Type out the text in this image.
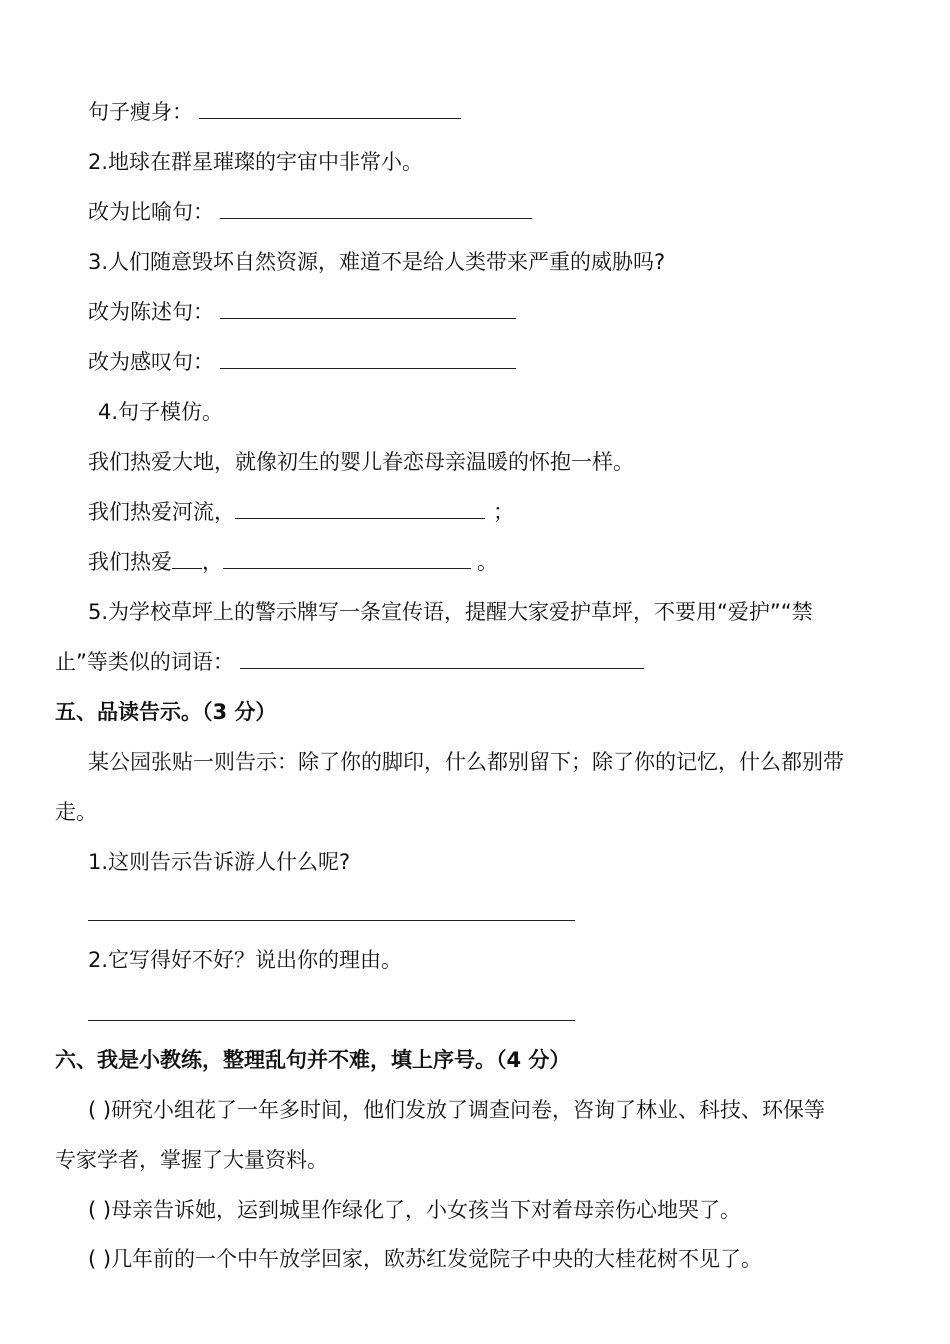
句子瘦身：
2.地球在群星璀璨的宇宙中非常小。
改为比喻句：
3.人们随意毁坏自然资源，难道不是给人类带来严重的威胁吗?
改为陈述句：
改为感叹句：
4.句子模仿。
我们热爱大地，就像初生的婴儿眷恋母亲温暖的怀抱一样。
我们热爱河流，	；
我们热爱 ，	。
5.为学校草坪上的警示牌写一条宣传语，提醒大家爱护草坪，不要用“爱护”“禁
止”等类似的词语：
五、品读告示。（3 分）
某公园张贴一则告示：除了你的脚印，什么都别留下；除了你的记忆，什么都别带
走。
1.这则告示告诉游人什么呢?
2.它写得好不好？说出你的理由。
六、我是小教练，整理乱句并不难，填上序号。（4 分）
( )研究小组花了一年多时间，他们发放了调查问卷，咨询了林业、科技、环保等
专家学者，掌握了大量资料。
( )母亲告诉她，运到城里作绿化了，小女孩当下对着母亲伤心地哭了。
( )几年前的一个中午放学回家，欧苏红发觉院子中央的大桂花树不见了。
